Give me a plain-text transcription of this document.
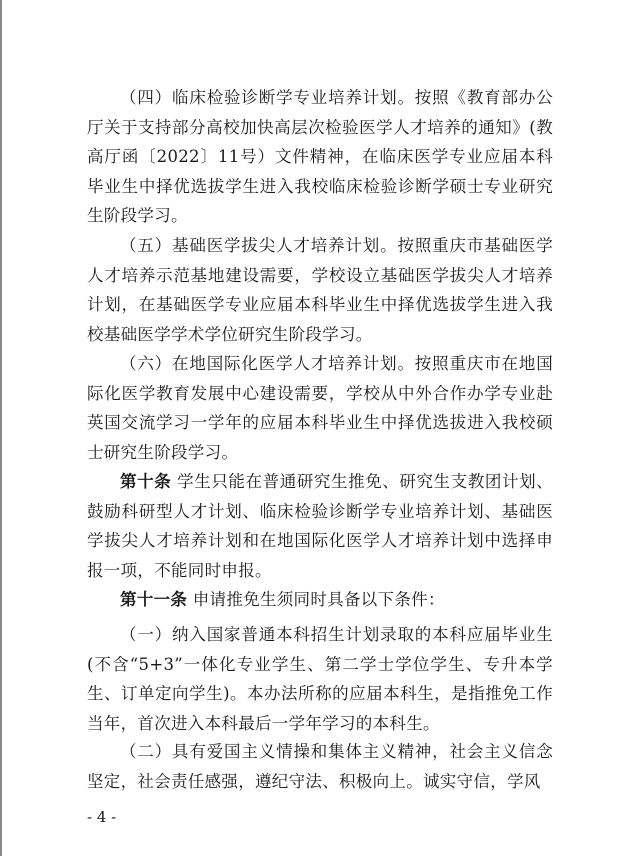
（四）临床检验诊断学专业培养计划。按照《教育部办公厅关于支持部分高校加快高层次检验医学人才培养的通知》(教高厅函〔2022〕11号）文件精神，在临床医学专业应届本科毕业生中择优选拔学生进入我校临床检验诊断学硕士专业研究生阶段学习。

（五）基础医学拔尖人才培养计划。按照重庆市基础医学人才培养示范基地建设需要，学校设立基础医学拔尖人才培养计划，在基础医学专业应届本科毕业生中择优选拔学生进入我校基础医学学术学位研究生阶段学习。

（六）在地国际化医学人才培养计划。按照重庆市在地国际化医学教育发展中心建设需要，学校从中外合作办学专业赴英国交流学习一学年的应届本科毕业生中择优选拔进入我校硕士研究生阶段学习。

第十条 学生只能在普通研究生推免、研究生支教团计划、鼓励科研型人才计划、临床检验诊断学专业培养计划、基础医学拔尖人才培养计划和在地国际化医学人才培养计划中选择申报一项，不能同时申报。

第十一条 申请推免生须同时具备以下条件：

（一）纳入国家普通本科招生计划录取的本科应届毕业生(不含“5+3”一体化专业学生、第二学士学位学生、专升本学生、订单定向学生)。本办法所称的应届本科生，是指推免工作当年，首次进入本科最后一学年学习的本科生。

（二）具有爱国主义情操和集体主义精神，社会主义信念坚定，社会责任感强，遵纪守法、积极向上。诚实守信，学风

- 4 -
